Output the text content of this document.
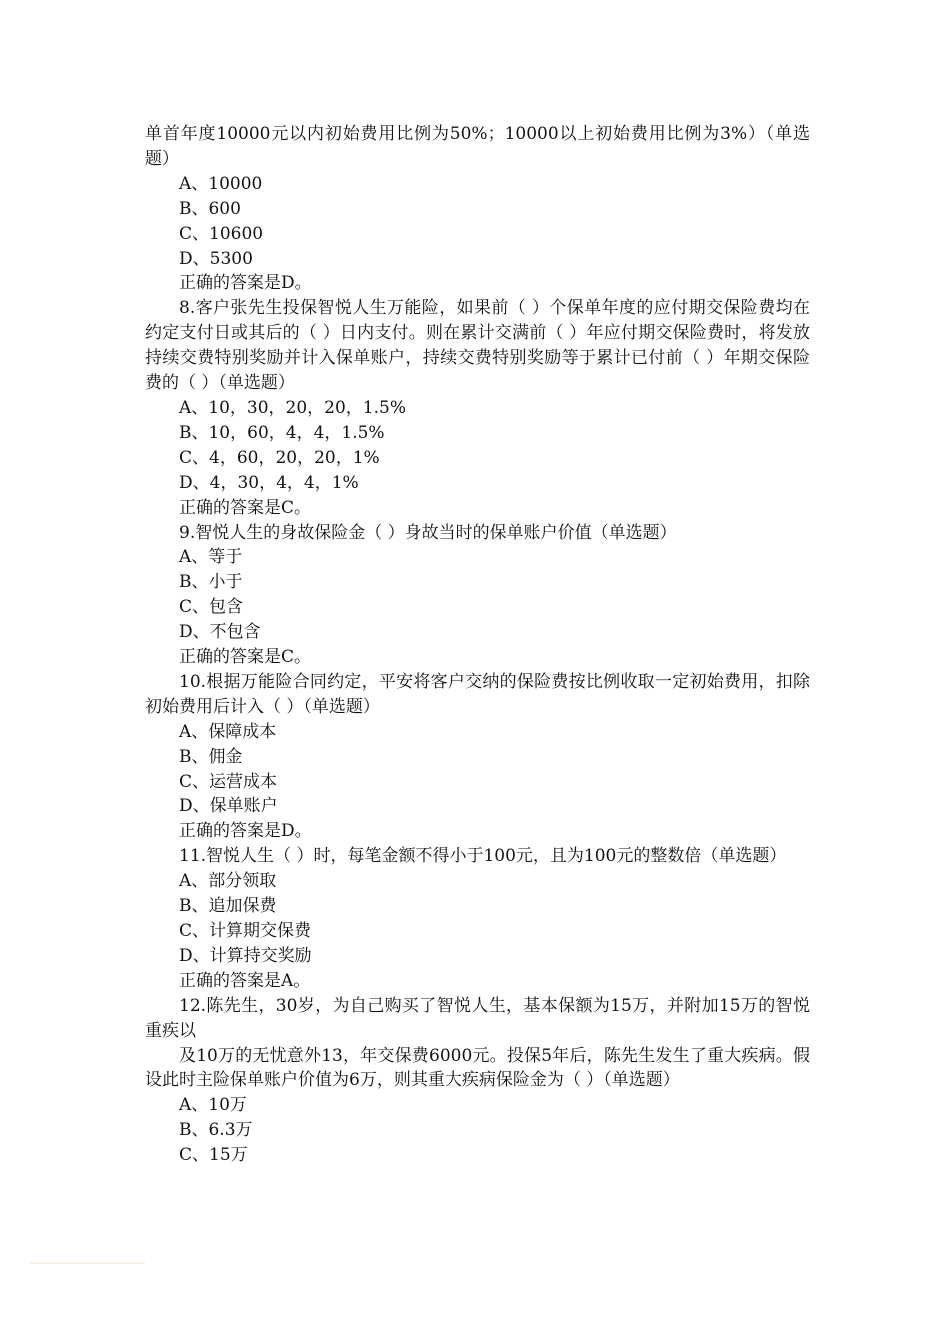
单首年度10000元以内初始费用比例为50%；10000以上初始费用比例为3%）（单选题）

A、10000

B、600

C、10600

D、5300

正确的答案是D。

8.客户张先生投保智悦人生万能险，如果前（ ）个保单年度的应付期交保险费均在约定支付日或其后的（ ）日内支付。则在累计交满前（ ）年应付期交保险费时，将发放持续交费特别奖励并计入保单账户，持续交费特别奖励等于累计已付前（ ）年期交保险费的（ ）（单选题）

A、10，30，20，20，1.5%

B、10，60，4，4，1.5%

C、4，60，20，20，1%

D、4，30，4，4，1%

正确的答案是C。

9.智悦人生的身故保险金（ ）身故当时的保单账户价值（单选题）

A、等于

B、小于

C、包含

D、不包含

正确的答案是C。

10.根据万能险合同约定，平安将客户交纳的保险费按比例收取一定初始费用，扣除初始费用后计入（ ）（单选题）

A、保障成本

B、佣金

C、运营成本

D、保单账户

正确的答案是D。

11.智悦人生（ ）时，每笔金额不得小于100元，且为100元的整数倍（单选题）

A、部分领取

B、追加保费

C、计算期交保费

D、计算持交奖励

正确的答案是A。

12.陈先生，30岁，为自己购买了智悦人生，基本保额为15万，并附加15万的智悦重疾以

及10万的无忧意外13，年交保费6000元。投保5年后，陈先生发生了重大疾病。假设此时主险保单账户价值为6万，则其重大疾病保险金为（ ）（单选题）

A、10万

B、6.3万

C、15万
